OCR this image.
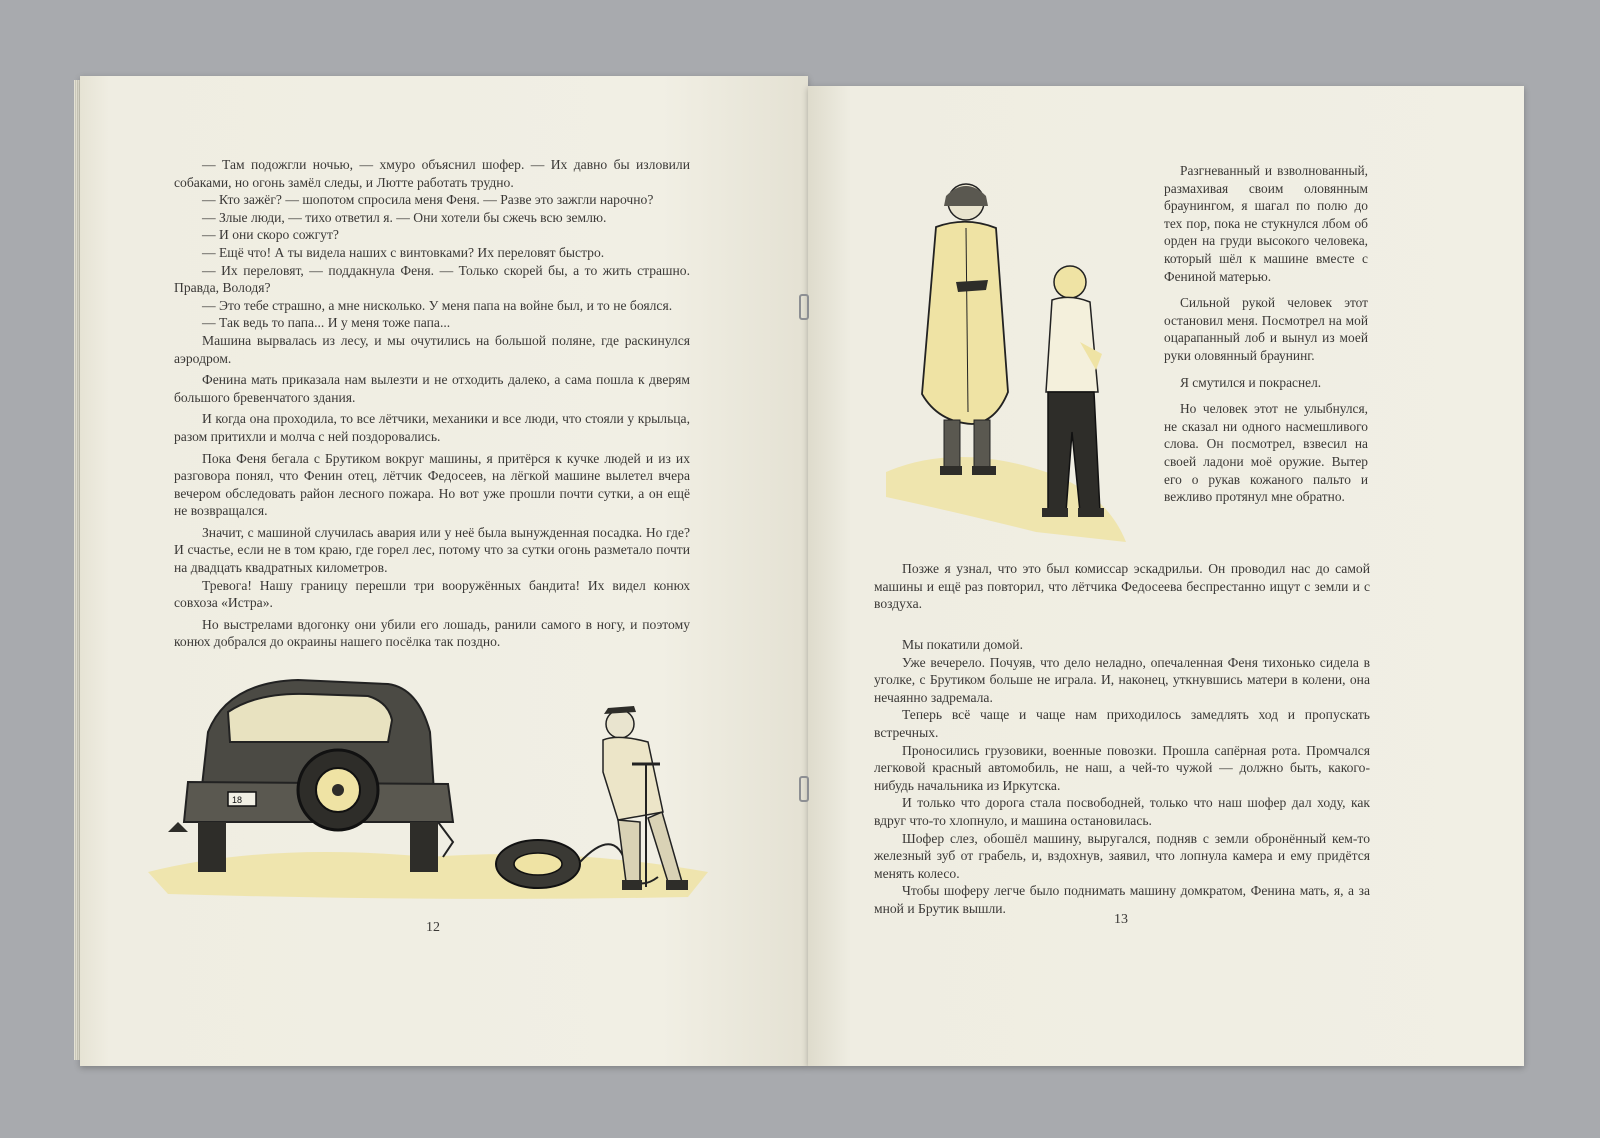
— Там подожгли ночью, — хмуро объяснил шофер. — Их давно бы изловили собаками, но огонь замёл следы, и Лютте работать трудно.

— Кто зажёг? — шопотом спросила меня Феня. — Разве это зажгли нарочно?

— Злые люди, — тихо ответил я. — Они хотели бы сжечь всю землю.

— И они скоро сожгут?

— Ещё что! А ты видела наших с винтовками? Их переловят быстро.

— Их переловят, — поддакнула Феня. — Только скорей бы, а то жить страшно. Правда, Володя?

— Это тебе страшно, а мне нисколько. У меня папа на войне был, и то не боялся.

— Так ведь то папа... И у меня тоже папа...

Машина вырвалась из лесу, и мы очутились на большой поляне, где раскинулся аэродром.

Фенина мать приказала нам вылезти и не отходить далеко, а сама пошла к дверям большого бревенчатого здания.

И когда она проходила, то все лётчики, механики и все люди, что стояли у крыльца, разом притихли и молча с ней поздоровались.

Пока Феня бегала с Брутиком вокруг машины, я притёрся к кучке людей и из их разговора понял, что Фенин отец, лётчик Федосеев, на лёгкой машине вылетел вчера вечером обследовать район лесного пожара. Но вот уже прошли почти сутки, а он ещё не возвращался.

Значит, с машиной случилась авария или у неё была вынужденная посадка. Но где? И счастье, если не в том краю, где горел лес, потому что за сутки огонь разметало почти на двадцать квадратных километров.

Тревога! Нашу границу перешли три вооружённых бандита! Их видел конюх совхоза «Истра».

Но выстрелами вдогонку они убили его лошадь, ранили самого в ногу, и поэтому конюх добрался до окраины нашего посёлка так поздно.

18
12

Разгневанный и взволнованный, размахивая своим оловянным браунингом, я шагал по полю до тех пор, пока не стукнулся лбом об орден на груди высокого человека, который шёл к машине вместе с Фениной матерью.

Сильной рукой человек этот остановил меня. Посмотрел на мой оцарапанный лоб и вынул из моей руки оловянный браунинг.

Я смутился и покраснел.

Но человек этот не улыбнулся, не сказал ни одного насмешливого слова. Он посмотрел, взвесил на своей ладони моё оружие. Вытер его о рукав кожаного пальто и вежливо протянул мне обратно.

Позже я узнал, что это был комиссар эскадрильи. Он проводил нас до самой машины и ещё раз повторил, что лётчика Федосеева беспрестанно ищут с земли и с воздуха.

Мы покатили домой.

Уже вечерело. Почуяв, что дело неладно, опечаленная Феня тихонько сидела в уголке, с Брутиком больше не играла. И, наконец, уткнувшись матери в колени, она нечаянно задремала.

Теперь всё чаще и чаще нам приходилось замедлять ход и пропускать встречных.

Проносились грузовики, военные повозки. Прошла сапёрная рота. Промчался легковой красный автомобиль, не наш, а чей-то чужой — должно быть, какого-нибудь начальника из Иркутска.

И только что дорога стала посвободней, только что наш шофер дал ходу, как вдруг что-то хлопнуло, и машина остановилась.

Шофер слез, обошёл машину, выругался, подняв с земли обронённый кем-то железный зуб от грабель, и, вздохнув, заявил, что лопнула камера и ему придётся менять колесо.

Чтобы шоферу легче было поднимать машину домкратом, Фенина мать, я, а за мной и Брутик вышли.

13
